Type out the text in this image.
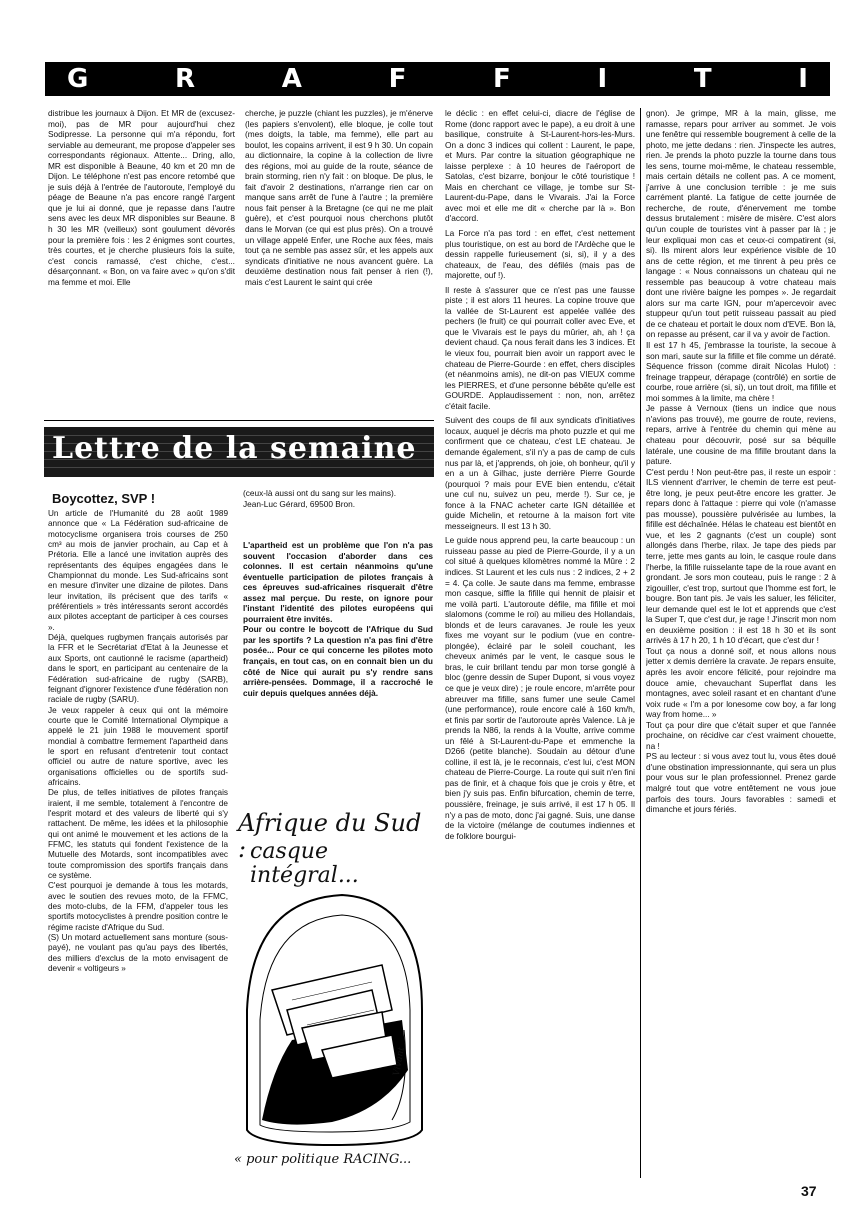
G	R	A	F	F	I	T	I

distribue les journaux à Dijon. Et MR de (excusez-moi), pas de MR pour aujourd'hui chez Sodipresse. La personne qui m'a répondu, fort serviable au demeurant, me propose d'appeler ses correspondants régionaux. Attente... Dring, allo, MR est disponible à Beaune, 40 km et 20 mn de Dijon. Le téléphone n'est pas encore retombé que je suis déjà à l'entrée de l'autoroute, l'employé du péage de Beaune n'a pas encore rangé l'argent que je lui ai donné, que je repasse dans l'autre sens avec les deux MR disponibles sur Beaune. 8 h 30 les MR (veilleux) sont goulument dévorés pour la première fois : les 2 énigmes sont courtes, très courtes, et je cherche plusieurs fois la suite, c'est concis ramassé, c'est chiche, c'est... désarçonnant. « Bon, on va faire avec » qu'on s'dit ma femme et moi. Elle

cherche, je puzzle (chiant les puzzles), je m'énerve (les papiers s'envolent), elle bloque, je colle tout (mes doigts, la table, ma femme), elle part au boulot, les copains arrivent, il est 9 h 30. Un copain au dictionnaire, la copine à la collection de livre des régions, moi au guide de la route, séance de brain storming, rien n'y fait : on bloque. De plus, le fait d'avoir 2 destinations, n'arrange rien car on manque sans arrêt de l'une à l'autre ; la première nous fait penser à la Bretagne (ce qui ne me plait guère), et c'est pourquoi nous cherchons plutôt dans le Morvan (ce qui est plus près). On a trouvé un village appelé Enfer, une Roche aux fées, mais tout ça ne semble pas assez sûr, et les appels aux syndicats d'initiative ne nous avancent guère. La deuxième destination nous fait penser à rien (!), mais c'est Laurent le saint qui crée

le déclic : en effet celui-ci, diacre de l'église de Rome (donc rapport avec le pape), a eu droit à une basilique, construite à St-Laurent-hors-les-Murs. On a donc 3 indices qui collent : Laurent, le pape, et Murs. Par contre la situation géographique ne laisse perplexe : à 10 heures de l'aéroport de Satolas, c'est bizarre, bonjour le côté touristique ! Mais en cherchant ce village, je tombe sur St-Laurent-du-Pape, dans le Vivarais. J'ai la Force avec moi et elle me dit « cherche par là ». Bon d'accord.

La Force n'a pas tord : en effet, c'est nettement plus touristique, on est au bord de l'Ardèche que le dessin rappelle furieusement (si, si), il y a des chateaux, de l'eau, des défilés (mais pas de majorette, ouf !).

Il reste à s'assurer que ce n'est pas une fausse piste ; il est alors 11 heures. La copine trouve que la vallée de St-Laurent est appelée vallée des pechers (le fruit) ce qui pourrait coller avec Eve, et que le Vivarais est le pays du mûrier, ah, ah ! ça devient chaud. Ça nous ferait dans les 3 indices. Et le vieux fou, pourrait bien avoir un rapport avec le chateau de Pierre-Gourde : en effet, chers disciples (et néanmoins amis), ne dit-on pas VIEUX comme les PIERRES, et d'une personne bébête qu'elle est GOURDE. Applaudissement : non, non, arrêtez c'était facile.

Suivent des coups de fil aux syndicats d'initiatives locaux, auquel je décris ma photo puzzle et qui me confirment que ce chateau, c'est LE chateau. Je demande également, s'il n'y a pas de camp de culs nus par là, et j'apprends, oh joie, oh bonheur, qu'il y en a un à Gilhac, juste derrière Pierre Gourde (pourquoi ? mais pour EVE bien entendu, c'était une cul nu, suivez un peu, merde !). Sur ce, je fonce à la FNAC acheter carte IGN détaillée et guide Michelin, et retourne à la maison fort vite messeigneurs. Il est 13 h 30.

Le guide nous apprend peu, la carte beaucoup : un ruisseau passe au pied de Pierre-Gourde, il y a un col situé à quelques kilomètres nommé la Mûre : 2 indices. St Laurent et les culs nus : 2 indices, 2 + 2 = 4. Ça colle. Je saute dans ma femme, embrasse mon casque, siffle la fifille qui hennit de plaisir et me voilà parti. L'autoroute défile, ma fifille et moi slalomons (comme le roi) au milieu des Hollandais, blonds et de leurs caravanes. Je roule les yeux fixes me voyant sur le podium (vue en contre-plongée), éclairé par le soleil couchant, les cheveux animés par le vent, le casque sous le bras, le cuir brillant tendu par mon torse gonglé à bloc (genre dessin de Super Dupont, si vous voyez ce que je veux dire) ; je roule encore, m'arrête pour abreuver ma fifille, sans fumer une seule Camel (une performance), roule encore calé à 160 km/h, et finis par sortir de l'autoroute après Valence. Là je prends la N86, la rends à la Voulte, arrive comme un fêlé à St-Laurent-du-Pape et emmenche la D266 (petite blanche). Soudain au détour d'une colline, il est là, je le reconnais, c'est lui, c'est MON chateau de Pierre-Courge. La route qui suit n'en fini pas de finir, et à chaque fois que je crois y être, et bien j'y suis pas. Enfin bifurcation, chemin de terre, poussière, freinage, je suis arrivé, il est 17 h 05. Il n'y a pas de moto, donc j'ai gagné. Suis, une danse de la victoire (mélange de coutumes indiennes et de folklore bourgui-

gnon). Je grimpe, MR à la main, glisse, me ramasse, repars pour arriver au sommet. Je vois une fenêtre qui ressemble bougrement à celle de la photo, me jette dedans : rien. J'inspecte les autres, rien. Je prends la photo puzzle la tourne dans tous les sens, tourne moi-même, le chateau ressemble, mais certain détails ne collent pas. A ce moment, j'arrive à une conclusion terrible : je me suis carrément planté. La fatigue de cette journée de recherche, de route, d'énervement me tombe dessus brutalement : misère de misère. C'est alors qu'un couple de touristes vint à passer par là ; je leur expliquai mon cas et ceux-ci compatirent (si, si). Ils mirent alors leur expérience visible de 10 ans de cette région, et me tinrent à peu près ce langage : « Nous connaissons un chateau qui ne ressemble pas beaucoup à votre chateau mais dont une rivière baigne les pompes ». Je regardait alors sur ma carte IGN, pour m'apercevoir avec stuppeur qu'un tout petit ruisseau passait au pied de ce chateau et portait le doux nom d'EVE. Bon là, on repasse au présent, car il va y avoir de l'action.

Il est 17 h 45, j'embrasse la touriste, la secoue à son mari, saute sur la fifille et file comme un dératé. Séquence frisson (comme dirait Nicolas Hulot) : freinage trappeur, dérapage (contrôlé) en sortie de courbe, roue arrière (si, si), un tout droit, ma fifille et moi sommes à la limite, ma chère !

Je passe à Vernoux (tiens un indice que nous n'avions pas trouvé), me gourre de route, reviens, repars, arrive à l'entrée du chemin qui mène au chateau pour découvrir, posé sur sa béquille latérale, une cousine de ma fifille broutant dans la pature.

C'est perdu ! Non peut-être pas, il reste un espoir : ILS viennent d'arriver, le chemin de terre est peut-être long, je peux peut-être encore les gratter. Je repars donc à l'attaque : pierre qui vole (n'amasse pas mousse), poussière pulvérisée au lumbes, la fifille est déchaînée. Hélas le chateau est bientôt en vue, et les 2 gagnants (c'est un couple) sont allongés dans l'herbe, rilax. Je tape des pieds par terre, jette mes gants au loin, le casque roule dans l'herbe, la fifille ruisselante tape de la roue avant en grondant. Je sors mon couteau, puis le range : 2 à zigouiller, c'est trop, surtout que l'homme est fort, le bougre. Bon tant pis. Je vais les saluer, les féliciter, leur demande quel est le lot et apprends que c'est la Super T, que c'est dur, je rage ! J'inscrit mon nom en deuxième position : il est 18 h 30 et ils sont arrivés à 17 h 20, 1 h 10 d'écart, que c'est dur !

Tout ça nous a donné soif, et nous allons nous jetter x demis derrière la cravate. Je repars ensuite, après les avoir encore félicité, pour rejoindre ma douce amie, chevauchant Superflat dans les montagnes, avec soleil rasant et en chantant d'une voix rude « I'm a por lonesome cow boy, a far long way from home... »

Tout ça pour dire que c'était super et que l'année prochaine, on récidive car c'est vraiment chouette, na !

PS au lecteur : si vous avez tout lu, vous êtes doué d'une obstination impressionnante, qui sera un plus pour vous sur le plan professionnel. Prenez garde malgré tout que votre entêtement ne vous joue parfois des tours. Jours favorables : samedi et dimanche et jours fériés.

Lettre de la semaine
Boycottez, SVP !

Un article de l'Humanité du 28 août 1989 annonce que « La Fédération sud-africaine de motocyclisme organisera trois courses de 250 cm³ au mois de janvier prochain, au Cap et à Prétoria. Elle a lancé une invitation auprès des représentants des équipes engagées dans le Championnat du monde. Les Sud-africains sont en mesure d'inviter une dizaine de pilotes. Dans leur invitation, ils précisent que des tarifs « préférentiels » très intéressants seront accordés aux pilotes acceptant de participer à ces courses ».

Déjà, quelques rugbymen français autorisés par la FFR et le Secrétariat d'Etat à la Jeunesse et aux Sports, ont cautionné le racisme (apartheid) dans le sport, en participant au centenaire de la Fédération sud-africaine de rugby (SARB), feignant d'ignorer l'existence d'une fédération non raciale de rugby (SARU).

Je veux rappeler à ceux qui ont la mémoire courte que le Comité International Olympique a appelé le 21 juin 1988 le mouvement sportif mondial à combattre fermement l'apartheid dans le sport en refusant d'entretenir tout contact officiel ou autre de nature sportive, avec les organisations officielles ou de sportifs sud-africains.

De plus, de telles initiatives de pilotes français iraient, il me semble, totalement à l'encontre de l'esprit motard et des valeurs de liberté qui s'y rattachent. De même, les idées et la philosophie qui ont animé le mouvement et les actions de la FFMC, les statuts qui fondent l'existence de la Mutuelle des Motards, sont incompatibles avec toute compromission des sportifs français dans ce système.

C'est pourquoi je demande à tous les motards, avec le soutien des revues moto, de la FFMC, des moto-clubs, de la FFM, d'appeler tous les sportifs motocyclistes à prendre position contre le régime raciste d'Afrique du Sud.

(S) Un motard actuellement sans monture (sous-payé), ne voulant pas qu'au pays des libertés, des milliers d'exclus de la moto envisagent de devenir « voltigeurs »

(ceux-là aussi ont du sang sur les mains).

Jean-Luc Gérard, 69500 Bron.

L'apartheid est un problème que l'on n'a pas souvent l'occasion d'aborder dans ces colonnes. Il est certain néanmoins qu'une éventuelle participation de pilotes français à ces épreuves sud-africaines risquerait d'être assez mal perçue. Du reste, on ignore pour l'instant l'identité des pilotes européens qui pourraient être invités.

Pour ou contre le boycott de l'Afrique du Sud par les sportifs ? La question n'a pas fini d'être posée... Pour ce qui concerne les pilotes moto français, en tout cas, on en connait bien un du côté de Nice qui aurait pu s'y rendre sans arrière-pensées. Dommage, il a raccroché le cuir depuis quelques années déjà.

Afrique du Sud : casque intégral...
Vivant
« pour politique RACING...
37
